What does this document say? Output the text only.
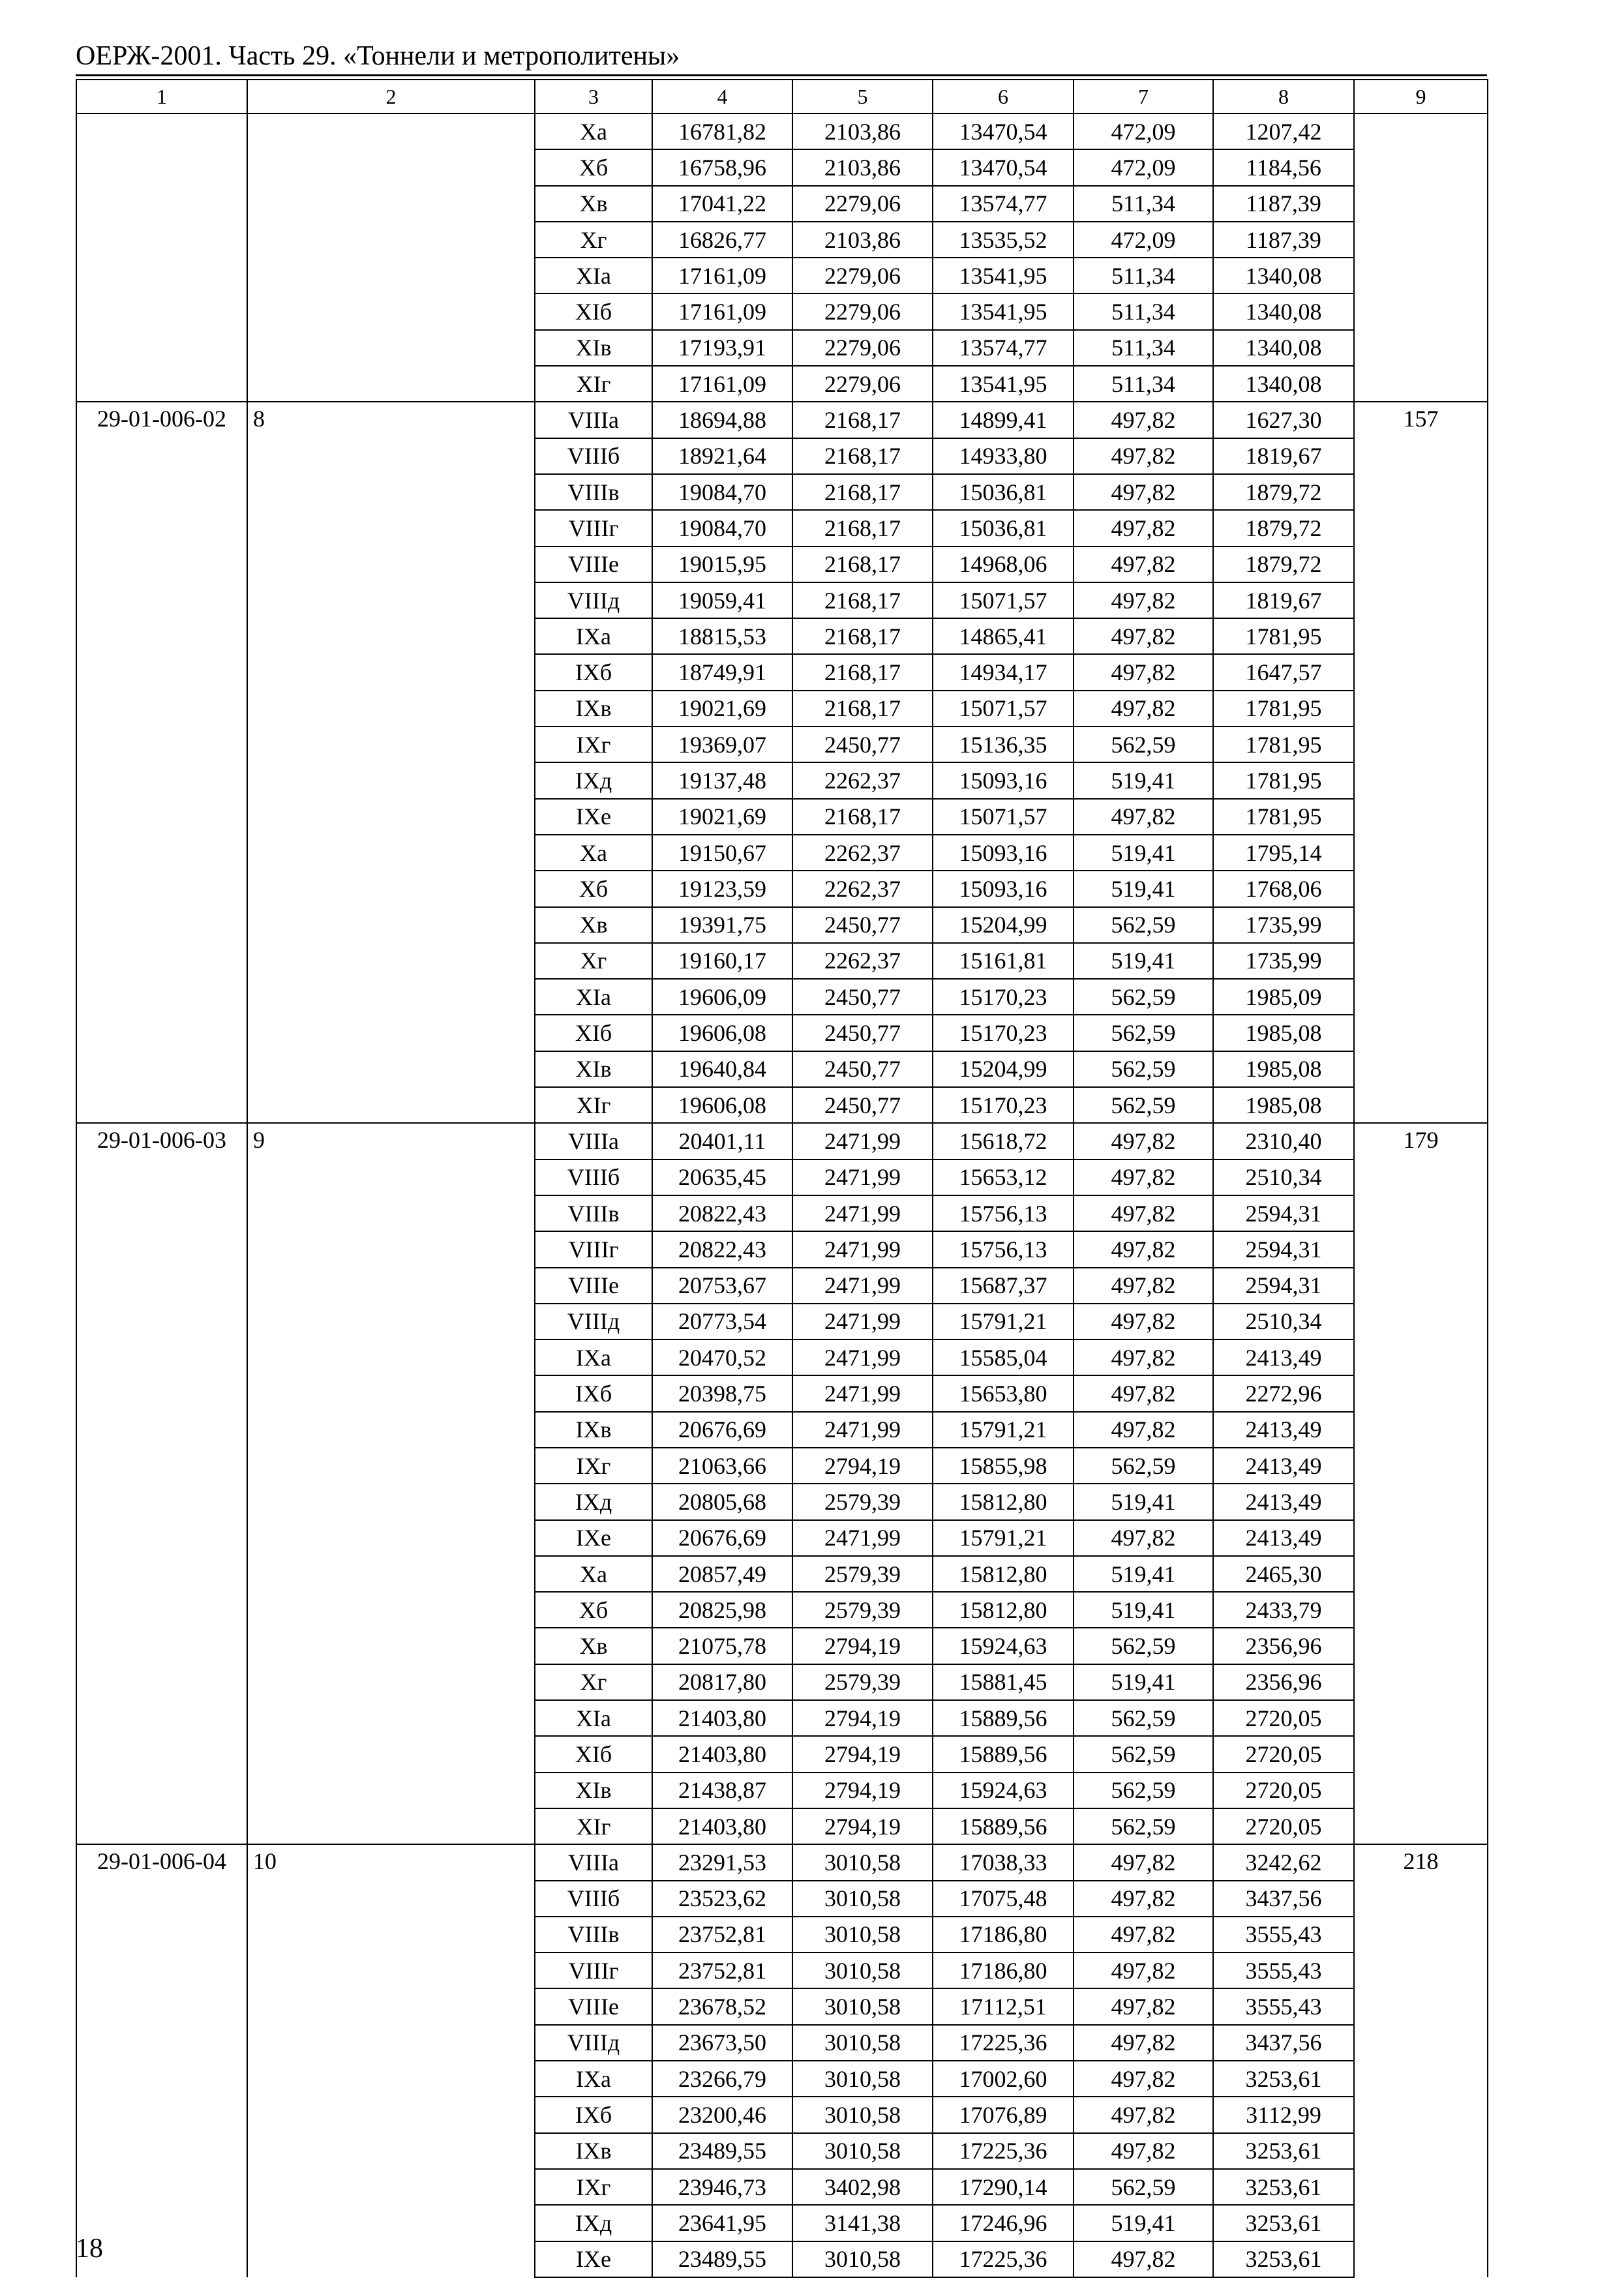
ОЕРЖ-2001. Часть 29. «Тоннели и метрополитены»
1	2	3	4	5	6	7	8	9
		Xa	16781,82	2103,86	13470,54	472,09	1207,42	
		Xб	16758,96	2103,86	13470,54	472,09	1184,56	
		Xв	17041,22	2279,06	13574,77	511,34	1187,39	
		Xг	16826,77	2103,86	13535,52	472,09	1187,39	
		XIa	17161,09	2279,06	13541,95	511,34	1340,08	
		XIб	17161,09	2279,06	13541,95	511,34	1340,08	
		XIв	17193,91	2279,06	13574,77	511,34	1340,08	
		XIг	17161,09	2279,06	13541,95	511,34	1340,08	
29-01-006-02	8	VIIIa	18694,88	2168,17	14899,41	497,82	1627,30	157
		VIIIб	18921,64	2168,17	14933,80	497,82	1819,67	
		VIIIв	19084,70	2168,17	15036,81	497,82	1879,72	
		VIIIг	19084,70	2168,17	15036,81	497,82	1879,72	
		VIIIе	19015,95	2168,17	14968,06	497,82	1879,72	
		VIIIд	19059,41	2168,17	15071,57	497,82	1819,67	
		IXa	18815,53	2168,17	14865,41	497,82	1781,95	
		IXб	18749,91	2168,17	14934,17	497,82	1647,57	
		IXв	19021,69	2168,17	15071,57	497,82	1781,95	
		IXг	19369,07	2450,77	15136,35	562,59	1781,95	
		IXд	19137,48	2262,37	15093,16	519,41	1781,95	
		IXе	19021,69	2168,17	15071,57	497,82	1781,95	
		Xa	19150,67	2262,37	15093,16	519,41	1795,14	
		Xб	19123,59	2262,37	15093,16	519,41	1768,06	
		Xв	19391,75	2450,77	15204,99	562,59	1735,99	
		Xг	19160,17	2262,37	15161,81	519,41	1735,99	
		XIa	19606,09	2450,77	15170,23	562,59	1985,09	
		XIб	19606,08	2450,77	15170,23	562,59	1985,08	
		XIв	19640,84	2450,77	15204,99	562,59	1985,08	
		XIг	19606,08	2450,77	15170,23	562,59	1985,08	
29-01-006-03	9	VIIIa	20401,11	2471,99	15618,72	497,82	2310,40	179
		VIIIб	20635,45	2471,99	15653,12	497,82	2510,34	
		VIIIв	20822,43	2471,99	15756,13	497,82	2594,31	
		VIIIг	20822,43	2471,99	15756,13	497,82	2594,31	
		VIIIе	20753,67	2471,99	15687,37	497,82	2594,31	
		VIIIд	20773,54	2471,99	15791,21	497,82	2510,34	
		IXa	20470,52	2471,99	15585,04	497,82	2413,49	
		IXб	20398,75	2471,99	15653,80	497,82	2272,96	
		IXв	20676,69	2471,99	15791,21	497,82	2413,49	
		IXг	21063,66	2794,19	15855,98	562,59	2413,49	
		IXд	20805,68	2579,39	15812,80	519,41	2413,49	
		IXе	20676,69	2471,99	15791,21	497,82	2413,49	
		Xa	20857,49	2579,39	15812,80	519,41	2465,30	
		Xб	20825,98	2579,39	15812,80	519,41	2433,79	
		Xв	21075,78	2794,19	15924,63	562,59	2356,96	
		Xг	20817,80	2579,39	15881,45	519,41	2356,96	
		XIa	21403,80	2794,19	15889,56	562,59	2720,05	
		XIб	21403,80	2794,19	15889,56	562,59	2720,05	
		XIв	21438,87	2794,19	15924,63	562,59	2720,05	
		XIг	21403,80	2794,19	15889,56	562,59	2720,05	
29-01-006-04	10	VIIIa	23291,53	3010,58	17038,33	497,82	3242,62	218
		VIIIб	23523,62	3010,58	17075,48	497,82	3437,56	
		VIIIв	23752,81	3010,58	17186,80	497,82	3555,43	
		VIIIг	23752,81	3010,58	17186,80	497,82	3555,43	
		VIIIе	23678,52	3010,58	17112,51	497,82	3555,43	
		VIIIд	23673,50	3010,58	17225,36	497,82	3437,56	
		IXa	23266,79	3010,58	17002,60	497,82	3253,61	
		IXб	23200,46	3010,58	17076,89	497,82	3112,99	
		IXв	23489,55	3010,58	17225,36	497,82	3253,61	
		IXг	23946,73	3402,98	17290,14	562,59	3253,61	
		IXд	23641,95	3141,38	17246,96	519,41	3253,61	
		IXе	23489,55	3010,58	17225,36	497,82	3253,61	
18
